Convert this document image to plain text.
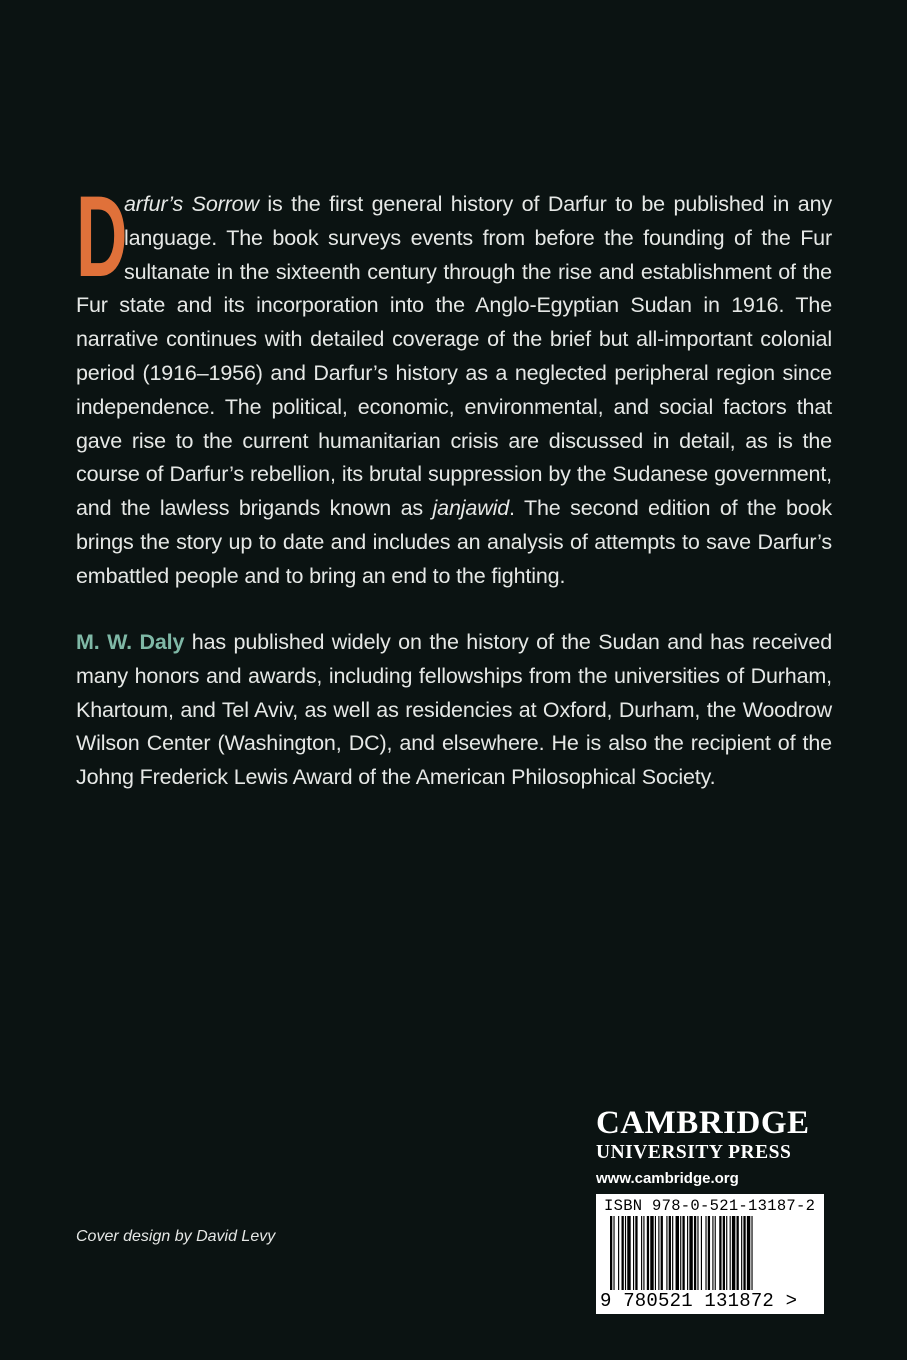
D
arfur’s Sorrow is the first general history of Darfur to be published in any language. The book surveys events from before the founding of the Fur sultanate in the sixteenth century through the rise and establishment of the Fur state and its incorporation into the Anglo-Egyptian Sudan in 1916. The narrative continues with detailed coverage of the brief but all-important colonial period (1916–1956) and Darfur’s history as a neglected peripheral region since independence. The political, economic, environmental, and social factors that gave rise to the current humanitarian crisis are discussed in detail, as is the course of Darfur’s rebellion, its brutal suppression by the Sudanese government, and the lawless brigands known as janjawid. The second edition of the book brings the story up to date and includes an analysis of attempts to save Darfur’s embattled people and to bring an end to the fighting.

M. W. Daly has published widely on the history of the Sudan and has received many honors and awards, including fellowships from the universities of Durham, Khartoum, and Tel Aviv, as well as residencies at Oxford, Durham, the Woodrow Wilson Center (Washington, DC), and elsewhere. He is also the recipient of the Johng Frederick Lewis Award of the American Philosophical Society.

Cover design by David Levy
CAMBRIDGE
UNIVERSITY PRESS
www.cambridge.org
ISBN 978-0-521-13187-2
9 780521 131872 >
